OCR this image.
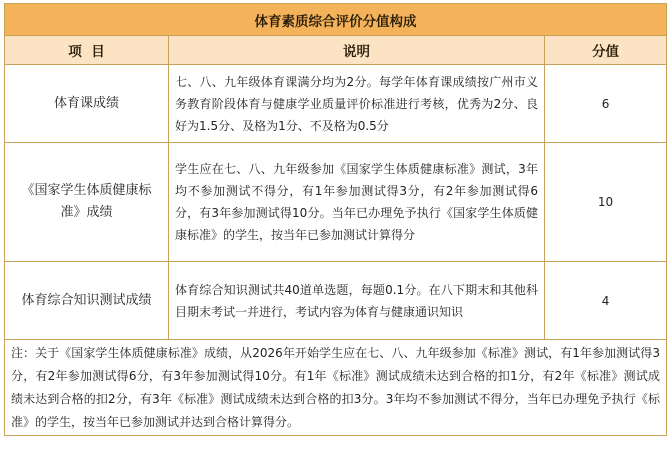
体育素质综合评价分值构成		
项  目	说明	分值
体育课成绩	七、八、九年级体育课满分均为2分。每学年体育课成绩按广州市义务教育阶段体育与健康学业质量评价标准进行考核，优秀为2分、良好为1.5分、及格为1分、不及格为0.5分	6
《国家学生体质健康标准》成绩	学生应在七、八、九年级参加《国家学生体质健康标准》测试，3年均不参加测试不得分，有1年参加测试得3分，有2年参加测试得6分，有3年参加测试得10分。当年已办理免予执行《国家学生体质健康标准》的学生，按当年已参加测试计算得分	10
体育综合知识测试成绩	体育综合知识测试共40道单选题，每题0.1分。在八下期末和其他科目期末考试一并进行，考试内容为体育与健康通识知识	4
注：关于《国家学生体质健康标准》成绩，从2026年开始学生应在七、八、九年级参加《标准》测试，有1年参加测试得3分，有2年参加测试得6分，有3年参加测试得10分。有1年《标准》测试成绩未达到合格的扣1分，有2年《标准》测试成绩未达到合格的扣2分，有3年《标准》测试成绩未达到合格的扣3分。3年均不参加测试不得分，当年已办理免予执行《标准》的学生，按当年已参加测试并达到合格计算得分。		
